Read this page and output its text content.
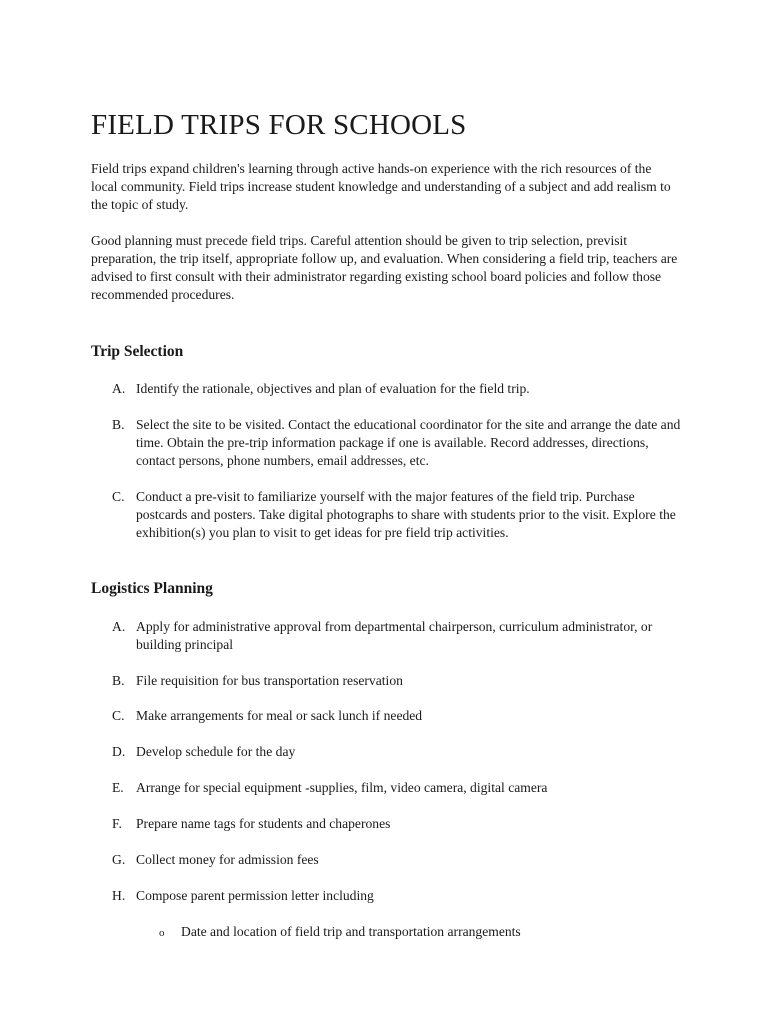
FIELD TRIPS FOR SCHOOLS

Field trips expand children's learning through active hands-on experience with the rich resources of the local community. Field trips increase student knowledge and understanding of a subject and add realism to the topic of study.

Good planning must precede field trips. Careful attention should be given to trip selection, previsit preparation, the trip itself, appropriate follow up, and evaluation. When considering a field trip, teachers are advised to first consult with their administrator regarding existing school board policies and follow those recommended procedures.

Trip Selection
A. Identify the rationale, objectives and plan of evaluation for the field trip.
B. Select the site to be visited. Contact the educational coordinator for the site and arrange the date and time. Obtain the pre-trip information package if one is available. Record addresses, directions, contact persons, phone numbers, email addresses, etc.
C. Conduct a pre-visit to familiarize yourself with the major features of the field trip. Purchase postcards and posters. Take digital photographs to share with students prior to the visit. Explore the exhibition(s) you plan to visit to get ideas for pre field trip activities.
Logistics Planning
A. Apply for administrative approval from departmental chairperson, curriculum administrator, or building principal
B. File requisition for bus transportation reservation
C. Make arrangements for meal or sack lunch if needed
D. Develop schedule for the day
E. Arrange for special equipment -supplies, film, video camera, digital camera
F.	Prepare name tags for students and chaperones
G. Collect money for admission fees
H. Compose parent permission letter including
o Date and location of field trip and transportation arrangements
